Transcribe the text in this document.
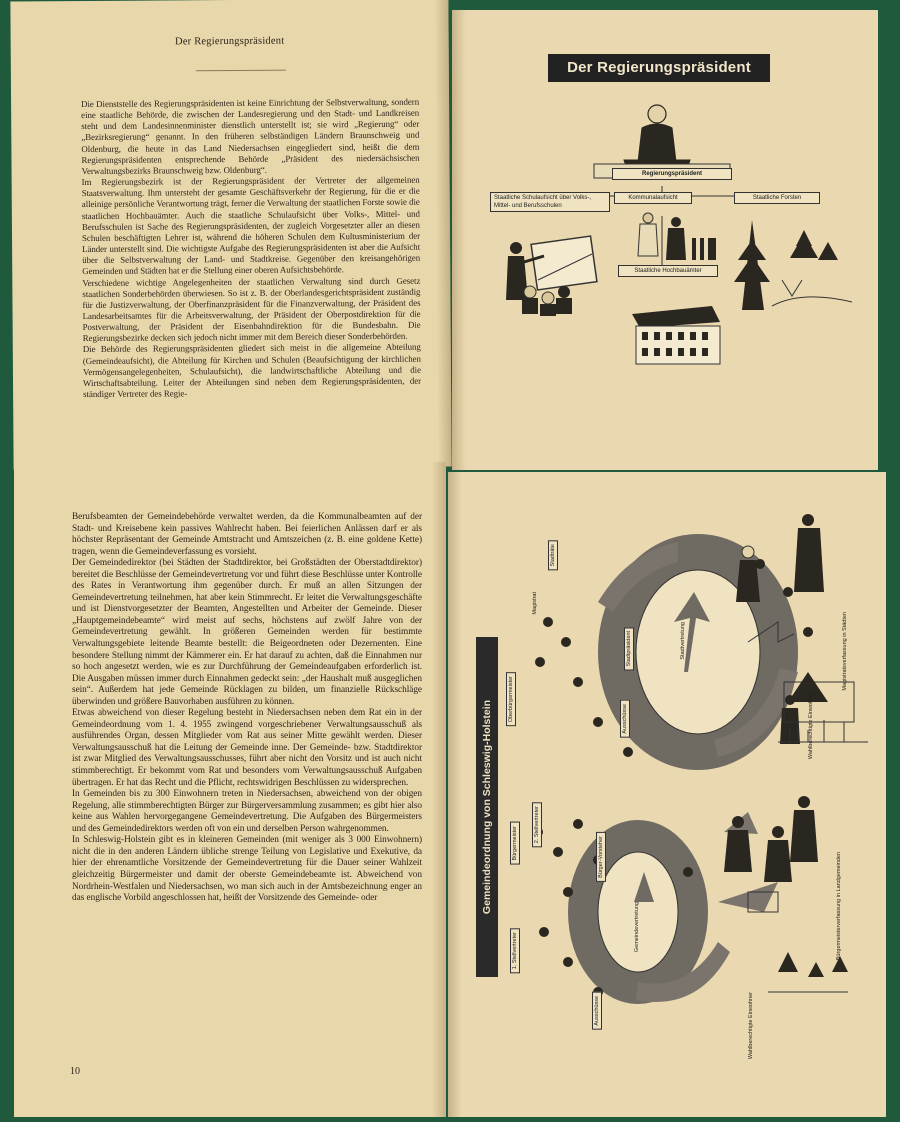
Der Regierungspräsident

Die Dienststelle des Regierungspräsidenten ist keine Einrichtung der Selbstverwaltung, sondern eine staatliche Behörde, die zwischen der Landesregierung und den Stadt- und Landkreisen steht und dem Landesinnenminister dienstlich unterstellt ist; sie wird „Regierung“ oder „Bezirksregierung“ genannt. In den früheren selbständigen Ländern Braunschweig und Oldenburg, die heute in das Land Niedersachsen eingegliedert sind, heißt die dem Regierungspräsidenten entsprechende Behörde „Präsident des niedersächsischen Verwaltungsbezirks Braunschweig bzw. Oldenburg“.

Im Regierungsbezirk ist der Regierungspräsident der Vertreter der allgemeinen Staatsverwaltung. Ihm untersteht der gesamte Geschäftsverkehr der Regierung, für die er die alleinige persönliche Verantwortung trägt, ferner die Verwaltung der staatlichen Forste sowie die staatlichen Hochbauämter. Auch die staatliche Schulaufsicht über Volks-, Mittel- und Berufsschulen ist Sache des Regierungspräsidenten, der zugleich Vorgesetzter aller an diesen Schulen beschäftigten Lehrer ist, während die höheren Schulen dem Kultusministerium der Länder unterstellt sind. Die wichtigste Aufgabe des Regierungspräsidenten ist aber die Aufsicht über die Selbstverwaltung der Land- und Stadtkreise. Gegenüber den kreisangehörigen Gemeinden und Städten hat er die Stellung einer oberen Aufsichtsbehörde.

Verschiedene wichtige Angelegenheiten der staatlichen Verwaltung sind durch Gesetz staatlichen Sonderbehörden überwiesen. So ist z. B. der Oberlandesgerichtspräsident zuständig für die Justizverwaltung, der Oberfinanzpräsident für die Finanzverwaltung, der Präsident des Landesarbeitsamtes für die Arbeitsverwaltung, der Präsident der Oberpostdirektion für die Postverwaltung, der Präsident der Eisenbahndirektion für die Bundesbahn. Die Regierungsbezirke decken sich jedoch nicht immer mit dem Bereich dieser Sonderbehörden.

Die Behörde des Regierungspräsidenten gliedert sich meist in die allgemeine Abteilung (Gemeindeaufsicht), die Abteilung für Kirchen und Schulen (Beaufsichtigung der kirchlichen Vermögensangelegenheiten, Schulaufsicht), die landwirtschaftliche Abteilung und die Wirtschaftsabteilung. Leiter der Abteilungen sind neben dem Regierungspräsidenten, der ständiger Vertreter des Regie-

Der Regierungspräsident
Regierungspräsident
Staatliche Schulaufsicht über Volks-, Mittel- und Berufsschulen
Kommunalaufsicht	Staatliche Forsten
Staatliche Hochbauämter

Berufsbeamten der Gemeindebehörde verwaltet werden, da die Kommunalbeamten auf der Stadt- und Kreisebene kein passives Wahlrecht haben. Bei feierlichen Anlässen darf er als höchster Repräsentant der Gemeinde Amtstracht und Amtszeichen (z. B. eine goldene Kette) tragen, wenn die Gemeindeverfassung es vorsieht.

Der Gemeindedirektor (bei Städten der Stadtdirektor, bei Großstädten der Oberstadtdirektor) bereitet die Beschlüsse der Gemeindevertretung vor und führt diese Beschlüsse unter Kontrolle des Rates in Verantwortung ihm gegenüber durch. Er muß an allen Sitzungen der Gemeindevertretung teilnehmen, hat aber kein Stimmrecht. Er leitet die Verwaltungsgeschäfte und ist Dienstvorgesetzter der Beamten, Angestellten und Arbeiter der Gemeinde. Dieser „Hauptgemeindebeamte“ wird meist auf sechs, höchstens auf zwölf Jahre von der Gemeindevertretung gewählt. In größeren Gemeinden werden für bestimmte Verwaltungsgebiete leitende Beamte bestellt: die Beigeordneten oder Dezernenten. Eine besondere Stellung nimmt der Kämmerer ein. Er hat darauf zu achten, daß die Einnahmen nur so hoch angesetzt werden, wie es zur Durchführung der Gemeindeaufgaben erforderlich ist. Die Ausgaben müssen immer durch Einnahmen gedeckt sein: „der Haushalt muß ausgeglichen sein“. Außerdem hat jede Gemeinde Rücklagen zu bilden, um finanzielle Rückschläge überwinden und größere Bauvorhaben ausführen zu können.

Etwas abweichend von dieser Regelung besteht in Niedersachsen neben dem Rat ein in der Gemeindeordnung vom 1. 4. 1955 zwingend vorgeschriebener Verwaltungsausschuß als ausführendes Organ, dessen Mitglieder vom Rat aus seiner Mitte gewählt werden. Dieser Verwaltungsausschuß hat die Leitung der Gemeinde inne. Der Gemeinde- bzw. Stadtdirektor ist zwar Mitglied des Verwaltungsausschusses, führt aber nicht den Vorsitz und ist auch nicht stimmberechtigt. Er bekommt vom Rat und besonders vom Verwaltungsausschuß Aufgaben übertragen. Er hat das Recht und die Pflicht, rechtswidrigen Beschlüssen zu widersprechen.

In Gemeinden bis zu 300 Einwohnern treten in Niedersachsen, abweichend von der obigen Regelung, alle stimmberechtigten Bürger zur Bürgerversammlung zusammen; es gibt hier also keine aus Wahlen hervorgegangene Gemeindevertretung. Die Aufgaben des Bürgermeisters und des Gemeindedirektors werden oft von ein und derselben Person wahrgenommen.

In Schleswig-Holstein gibt es in kleineren Gemeinden (mit weniger als 3 000 Einwohnern) nicht die in den anderen Ländern übliche strenge Teilung von Legislative und Exekutive, da hier der ehrenamtliche Vorsitzende der Gemeindevertretung für die Dauer seiner Wahlzeit gleichzeitig Bürgermeister und damit der oberste Gemeindebeamte ist. Abweichend von Nordrhein-Westfalen und Niedersachsen, wo man sich auch in der Amtsbezeichnung enger an das englische Vorbild angeschlossen hat, heißt der Vorsitzende des Gemeinde- oder

10
Gemeindeordnung von Schleswig-Holstein
Stadträte
Magistrat
Oberbürgermeister
Stadtpräsident	Stadtvertretung
Ausschüsse	Wahlberechtigte Einwohner
Magistratsverfassung in Städten
2. Stellvertreter
Bürgermeister	Bürger-Vorsteher
1. Stellvertreter	Gemeindevertretung
Ausschüsse	Wahlberechtigte Einwohner
Bürgermeisterverfassung in Landgemeinden
